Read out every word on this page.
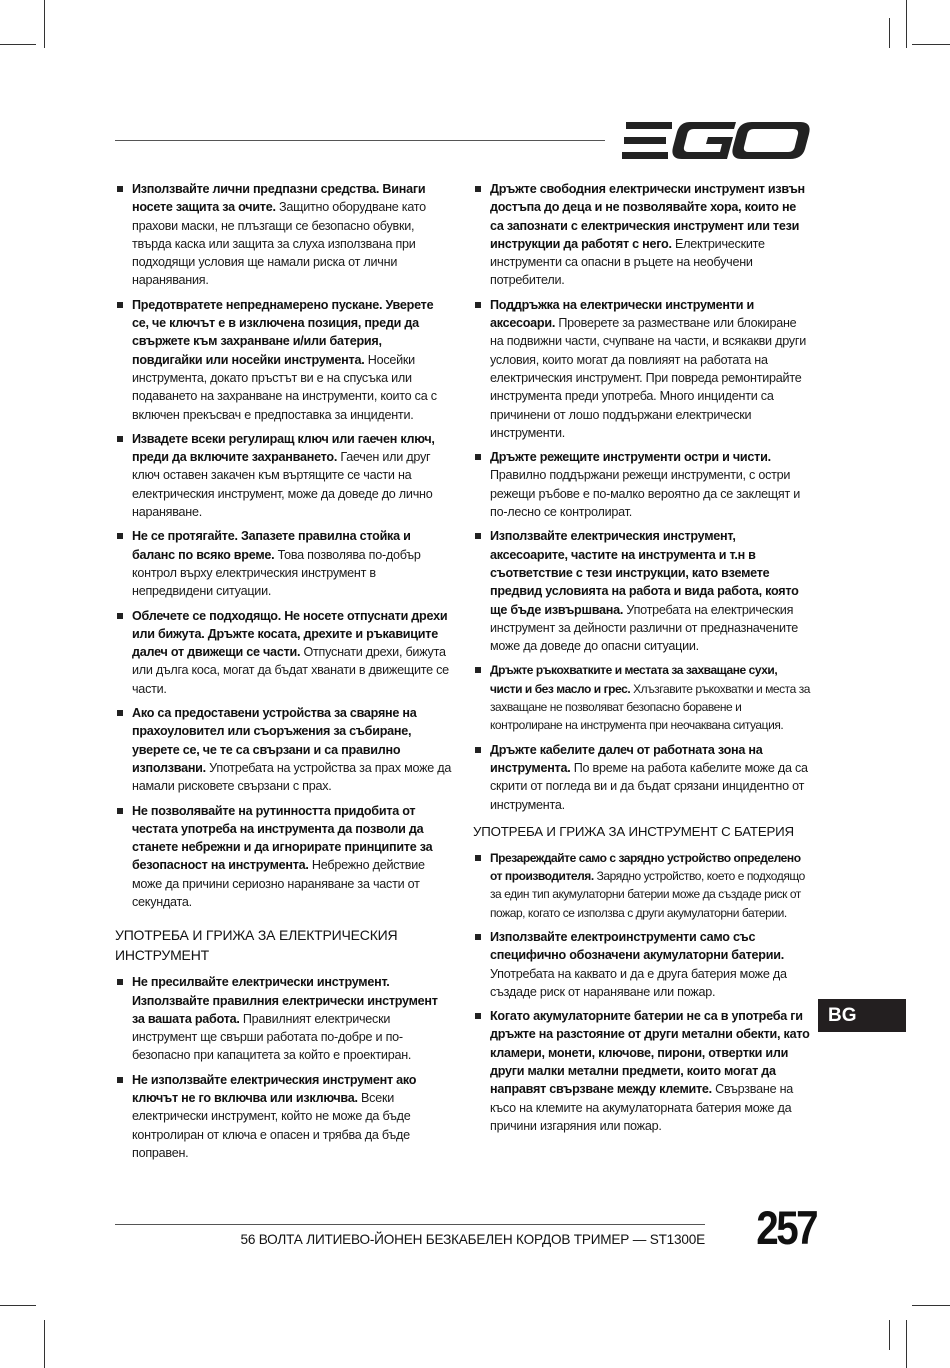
Използвайте лични предпазни средства. Винаги носете защита за очите. Защитно оборудване като прахови маски, не плъзгащи се безопасно обувки, твърда каска или защита за слуха използвана при подходящи условия ще намали риска от лични наранявания.
Предотвратете непреднамерено пускане. Уверете се, че ключът е в изключена позиция, преди да свържете към захранване и/или батерия, повдигайки или носейки инструмента. Носейки инструмента, докато пръстът ви е на спусъка или подаването на захранване на инструменти, които са с включен прекъсвач е предпоставка за инциденти.
Извадете всеки регулиращ ключ или гаечен ключ, преди да включите захранването. Гаечен или друг ключ оставен закачен към въртящите се части на електрическия инструмент, може да доведе до лично нараняване.
Не се протягайте. Запазете правилна стойка и баланс по всяко време. Това позволява по-добър контрол върху електрическия инструмент в непредвидени ситуации.
Облечете се подходящо. Не носете отпуснати дрехи или бижута. Дръжте косата, дрехите и ръкавиците далеч от движещи се части. Отпуснати дрехи, бижута или дълга коса, могат да бъдат хванати в движещите се части.
Ако са предоставени устройства за сваряне на прахоуловител или съоръжения за събиране, уверете се, че те са свързани и са правилно използвани. Употребата на устройства за прах може да намали рисковете свързани с прах.
Не позволявайте на рутинността придобита от честата употреба на инструмента да позволи да станете небрежни и да игнорирате принципите за безопасност на инструмента. Небрежно действие може да причини сериозно нараняване за части от секундата.
УПОТРЕБА И ГРИЖА ЗА ЕЛЕКТРИЧЕСКИЯ ИНСТРУМЕНТ
Не пресилвайте електрически инструмент. Използвайте правилния електрически инструмент за вашата работа. Правилният електрически инструмент ще свърши работата по-добре и по-безопасно при капацитета за който е проектиран.
Не използвайте електрическия инструмент ако ключът не го включва или изключва. Всеки електрически инструмент, който не може да бъде контролиран от ключа е опасен и трябва да бъде поправен.
Дръжте свободния електрически инструмент извън достъпа до деца и не позволявайте хора, които не са запознати с електрическия инструмент или тези инструкции да работят с него. Електрическите инструменти са опасни в ръцете на необучени потребители.
Поддръжка на електрически инструменти и аксесоари. Проверете за разместване или блокиране на подвижни части, счупване на части, и всякакви други условия, които могат да повлияят на работата на електрическия инструмент. При повреда ремонтирайте инструмента преди употреба. Много инциденти са причинени от лошо поддържани електрически инструменти.
Дръжте режещите инструменти остри и чисти. Правилно поддържани режещи инструменти, с остри режещи ръбове е по-малко вероятно да се заклещят и по-лесно се контролират.
Използвайте електрическия инструмент, аксесоарите, частите на инструмента и т.н в съответствие с тези инструкции, като вземете предвид условията на работа и вида работа, която ще бъде извършвана. Употребата на електрическия инструмент за дейности различни от предназначените може да доведе до опасни ситуации.
Дръжте ръкохватките и местата за захващане сухи, чисти и без масло и грес. Хлъзгавите ръкохватки и места за захващане не позволяват безопасно боравене и контролиране на инструмента при неочаквана ситуация.
Дръжте кабелите далеч от работната зона на инструмента. По време на работа кабелите може да са скрити от погледа ви и да бъдат срязани инцидентно от инструмента.
УПОТРЕБА И ГРИЖА ЗА ИНСТРУМЕНТ С БАТЕРИЯ
Презареждайте само с зарядно устройство определено от производителя. Зарядно устройство, което е подходящо за един тип акумулаторни батерии може да създаде риск от пожар, когато се използва с други акумулаторни батерии.
Използвайте електроинструменти само със специфично обозначени акумулаторни батерии. Употребата на каквато и да е друга батерия може да създаде риск от нараняване или пожар.
Когато акумулаторните батерии не са в употреба ги дръжте на разстояние от други метални обекти, като кламери, монети, ключове, пирони, отвертки или други малки метални предмети, които могат да направят свързване между клемите. Свързване на късо на клемите на акумулаторната батерия може да причини изгаряния или пожар.
BG
56 ВОЛТА ЛИТИЕВО-ЙОНЕН БЕЗКАБЕЛЕН КОРДОВ ТРИМЕР — ST1300E	257
